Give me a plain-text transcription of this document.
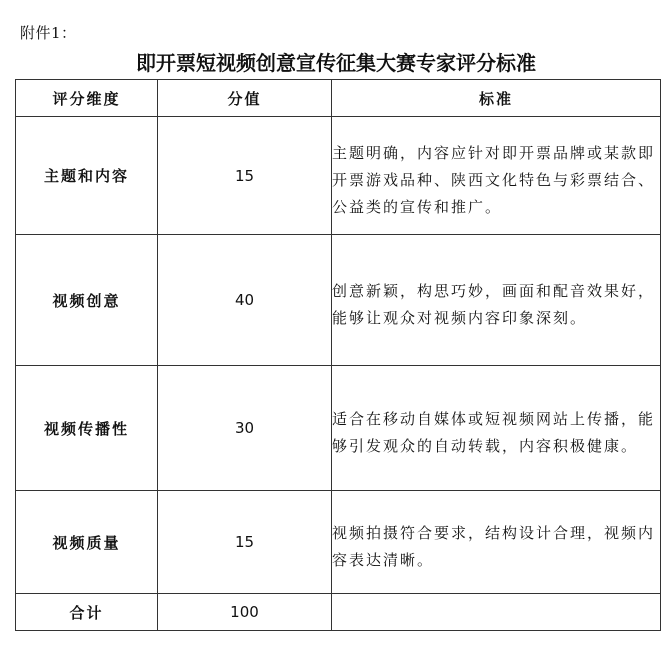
附件1：
即开票短视频创意宣传征集大赛专家评分标准
评分维度	分值	标准
主题和内容	15	主题明确，内容应针对即开票品牌或某款即开票游戏品种、陕西文化特色与彩票结合、公益类的宣传和推广。

视频创意	40	创意新颖，构思巧妙，画面和配音效果好，能够让观众对视频内容印象深刻。

视频传播性	30	适合在移动自媒体或短视频网站上传播，能够引发观众的自动转载，内容积极健康。

视频质量	15	视频拍摄符合要求，结构设计合理，视频内容表达清晰。

合计	100	
